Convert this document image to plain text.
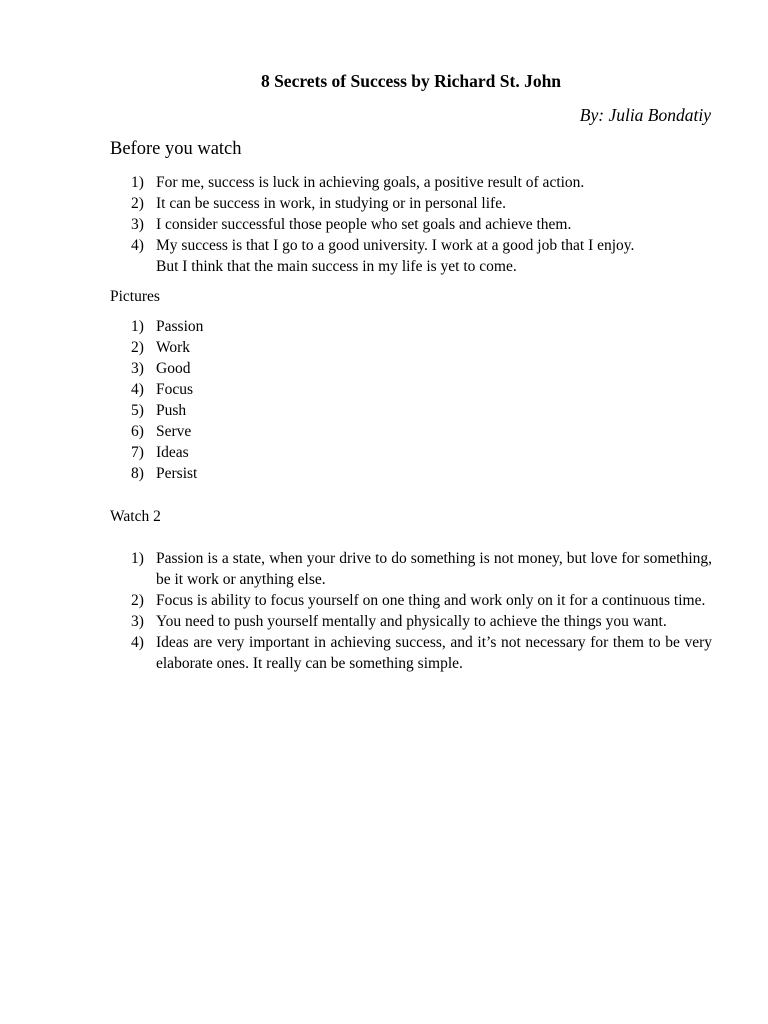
8 Secrets of Success by Richard St. John
By: Julia Bondatiy
Before you watch
1) For me, success is luck in achieving goals, a positive result of action.
2) It can be success in work, in studying or in personal life.
3) I consider successful those people who set goals and achieve them.
4) My success is that I go to a good university. I work at a good job that I enjoy. But I think that the main success in my life is yet to come.
Pictures
1) Passion
2) Work
3) Good
4) Focus
5) Push
6) Serve
7) Ideas
8) Persist
Watch 2
1) Passion is a state, when your drive to do something is not money, but love for something, be it work or anything else.
2) Focus is ability to focus yourself on one thing and work only on it for a continuous time.
3) You need to push yourself mentally and physically to achieve the things you want.
4) Ideas are very important in achieving success, and it’s not necessary for them to be very elaborate ones. It really can be something simple.
